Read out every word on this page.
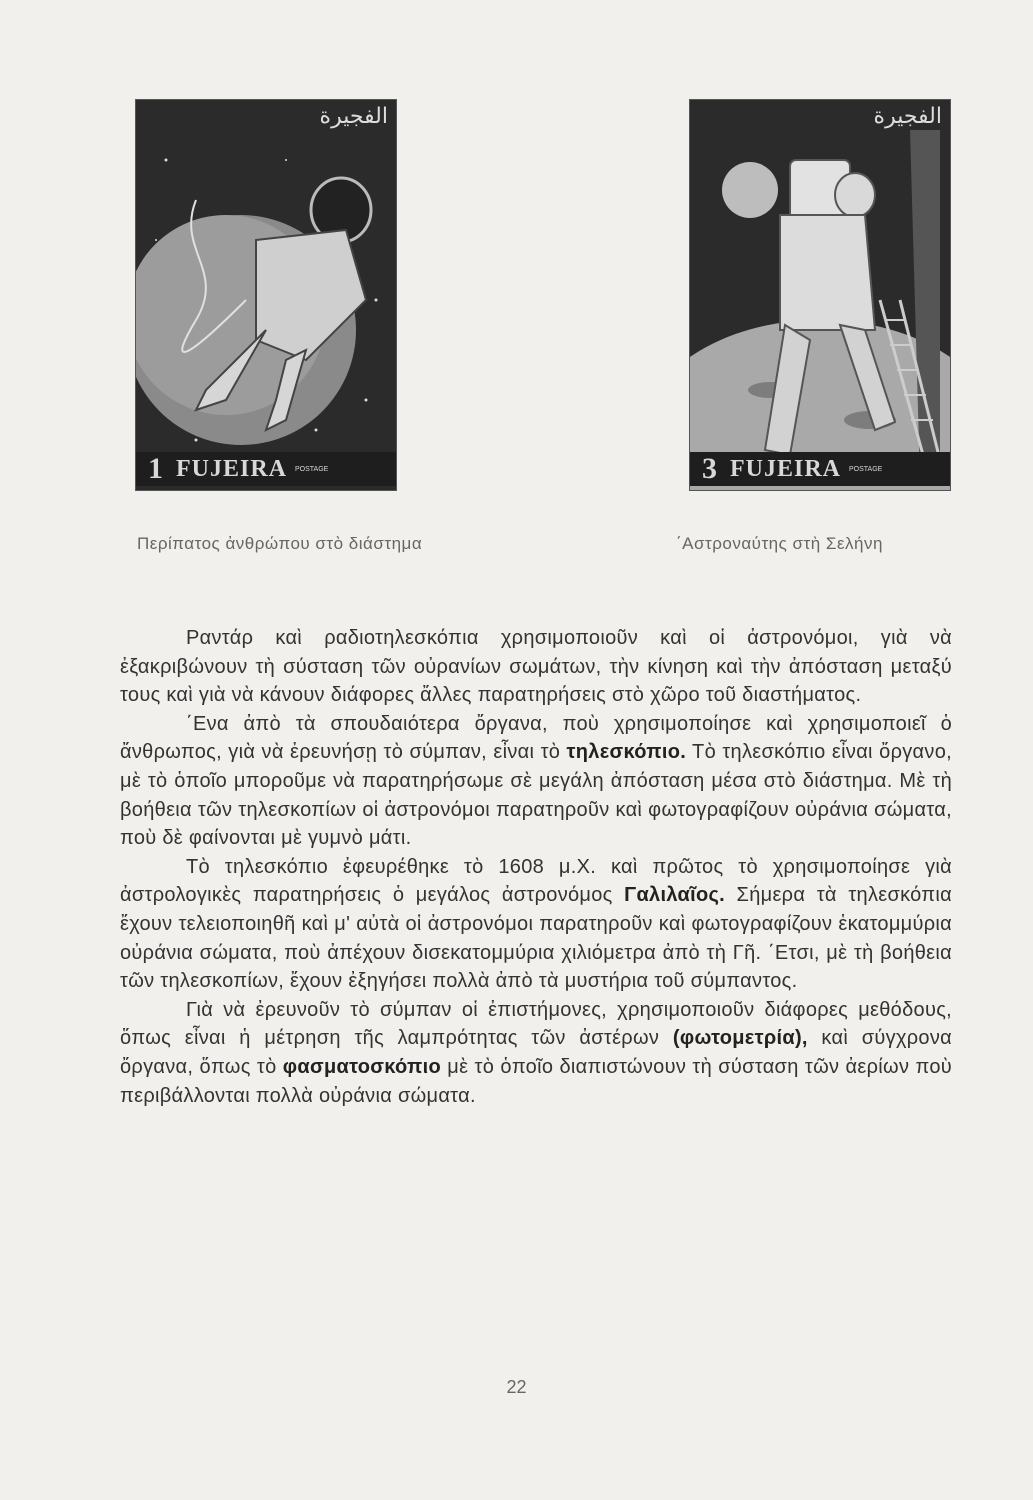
الفجيرة
1 FUJEIRA POSTAGE
الفجيرة
3 FUJEIRA POSTAGE
Περίπατος ἀνθρώπου στὸ διάστημα	΄Αστροναύτης στὴ Σελήνη

Ραντάρ καὶ ραδιοτηλεσκόπια χρησιμοποιοῦν καὶ οἱ ἀστρονόμοι, γιὰ νὰ ἐξακριβώνουν τὴ σύσταση τῶν οὐρανίων σωμάτων, τὴν κίνηση καὶ τὴν ἀπόσταση μεταξύ τους καὶ γιὰ νὰ κάνουν διάφορες ἄλλες παρατηρήσεις στὸ χῶρο τοῦ διαστήματος.

΄Ενα ἀπὸ τὰ σπουδαιότερα ὄργανα, ποὺ χρησιμοποίησε καὶ χρησιμοποιεῖ ὁ ἄνθρωπος, γιὰ νὰ ἐρευνήσῃ τὸ σύμπαν, εἶναι τὸ τηλεσκόπιο. Τὸ τηλεσκόπιο εἶναι ὄργανο, μὲ τὸ ὁποῖο μποροῦμε νὰ παρατηρήσωμε σὲ μεγάλη ἀπόσταση μέσα στὸ διάστημα. Μὲ τὴ βοήθεια τῶν τηλεσκοπίων οἱ ἀστρονόμοι παρατηροῦν καὶ φωτογραφίζουν οὐράνια σώματα, ποὺ δὲ φαίνονται μὲ γυμνὸ μάτι.

Τὸ τηλεσκόπιο ἐφευρέθηκε τὸ 1608 μ.Χ. καὶ πρῶτος τὸ χρησιμοποίησε γιὰ ἀστρολογικὲς παρατηρήσεις ὁ μεγάλος ἀστρονόμος Γαλιλαῖος. Σήμερα τὰ τηλεσκόπια ἔχουν τελειοποιηθῆ καὶ μ' αὐτὰ οἱ ἀστρονόμοι παρατηροῦν καὶ φωτογραφίζουν ἑκατομμύρια οὐράνια σώματα, ποὺ ἀπέχουν δισεκατομμύρια χιλιόμετρα ἀπὸ τὴ Γῆ. ΄Ετσι, μὲ τὴ βοήθεια τῶν τηλεσκοπίων, ἔχουν ἐξηγήσει πολλὰ ἀπὸ τὰ μυστήρια τοῦ σύμπαντος.

Γιὰ νὰ ἐρευνοῦν τὸ σύμπαν οἱ ἐπιστήμονες, χρησιμοποιοῦν διάφορες μεθόδους, ὅπως εἶναι ἡ μέτρηση τῆς λαμπρότητας τῶν ἀστέρων (φωτομετρία), καὶ σύγχρονα ὄργανα, ὅπως τὸ φασματοσκόπιο μὲ τὸ ὁποῖο διαπιστώνουν τὴ σύσταση τῶν ἀερίων ποὺ περιβάλλονται πολλὰ οὐράνια σώματα.

22
